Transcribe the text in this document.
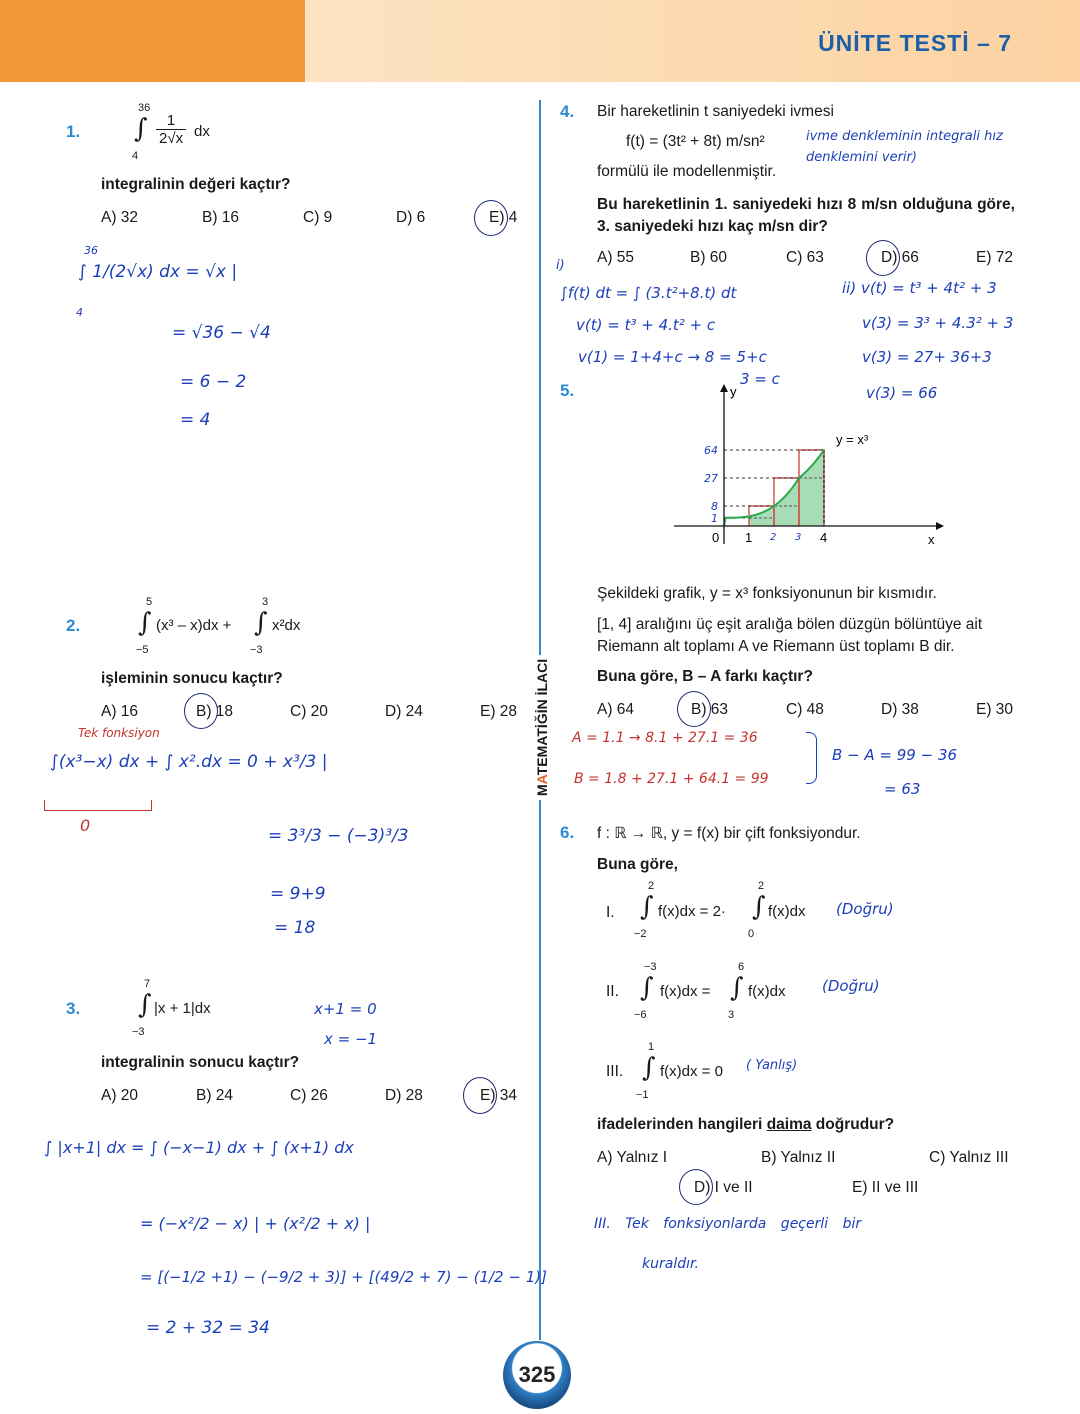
ÜNİTE TESTİ – 7
MATEMATİĞİN İLACI
1.
36
∫
4
$\frac{1}{2√x}$ dx
integralinin değeri kaçtır?
A) 32	B) 16	C) 9	D) 6	E) 4
36
4
∫ 1/(2√x) dx = √x |
= √36 − √4
= 6 − 2
= 4
2.
5
∫
−5
(x³ – x)dx +
3
∫
−3
x²dx
işleminin sonucu kaçtır?
A) 16	B) 18	C) 20	D) 24	E) 28
Tek fonksiyon
∫(x³−x) dx + ∫ x².dx = 0 + x³/3 |
0
= 3³/3 − (−3)³/3
= 9+9
= 18
3.
7
∫
−3
|x + 1|dx	x+1 = 0
x = −1
integralinin sonucu kaçtır?
A) 20	B) 24	C) 26	D) 28	E) 34
∫ |x+1| dx = ∫ (−x−1) dx + ∫ (x+1) dx
= (−x²/2 − x) | + (x²/2 + x) |
= [(−1/2 +1) − (−9/2 + 3)] + [(49/2 + 7) − (1/2 − 1)]
= 2 + 32 = 34
4. Bir hareketlinin t saniyedeki ivmesi
f(t) = (3t² + 8t) m/sn²
formülü ile modellenmiştir.
ivme denkleminin integrali hız denklemini verir)
Bu hareketlinin 1. saniyedeki hızı 8 m/sn olduğuna göre, 3. saniyedeki hızı kaç m/sn dir?
A) 55	B) 60	C) 63	D) 66	E) 72
i)
∫f(t) dt = ∫ (3.t²+8.t) dt
v(t) = t³ + 4.t² + c
v(1) = 1+4+c → 8 = 5+c
3 = c
ii) v(t) = t³ + 4t² + 3
v(3) = 3³ + 4.3² + 3
v(3) = 27+ 36+3
v(3) = 66
5.
64
27
8
1
y
x
y = x³
0 1	4
2 3
Şekildeki grafik, y = x³ fonksiyonunun bir kısmıdır.
[1, 4] aralığını üç eşit aralığa bölen düzgün bölüntüye ait Riemann alt toplamı A ve Riemann üst toplamı B dir.
Buna göre, B – A farkı kaçtır?
A) 64	B) 63	C) 48	D) 38	E) 30
A = 1.1 → 8.1 + 27.1 = 36
B = 1.8 + 27.1 + 64.1 = 99
B − A = 99 − 36
= 63
6. f : ℝ → ℝ, y = f(x) bir çift fonksiyondur.
Buna göre,
I.
2
∫
−2
f(x)dx = 2·
2
∫
0
f(x)dx (Doğru)
II.
−3
∫
−6
f(x)dx =
6
∫
3
f(x)dx (Doğru)
III.
1
∫
−1
f(x)dx = 0 ( Yanlış)
ifadelerinden hangileri daima doğrudur?
A) Yalnız I	B) Yalnız II	C) Yalnız III
D) I ve II	E) II ve III
III. Tek fonksiyonlarda geçerli bir
kuraldır.
325
